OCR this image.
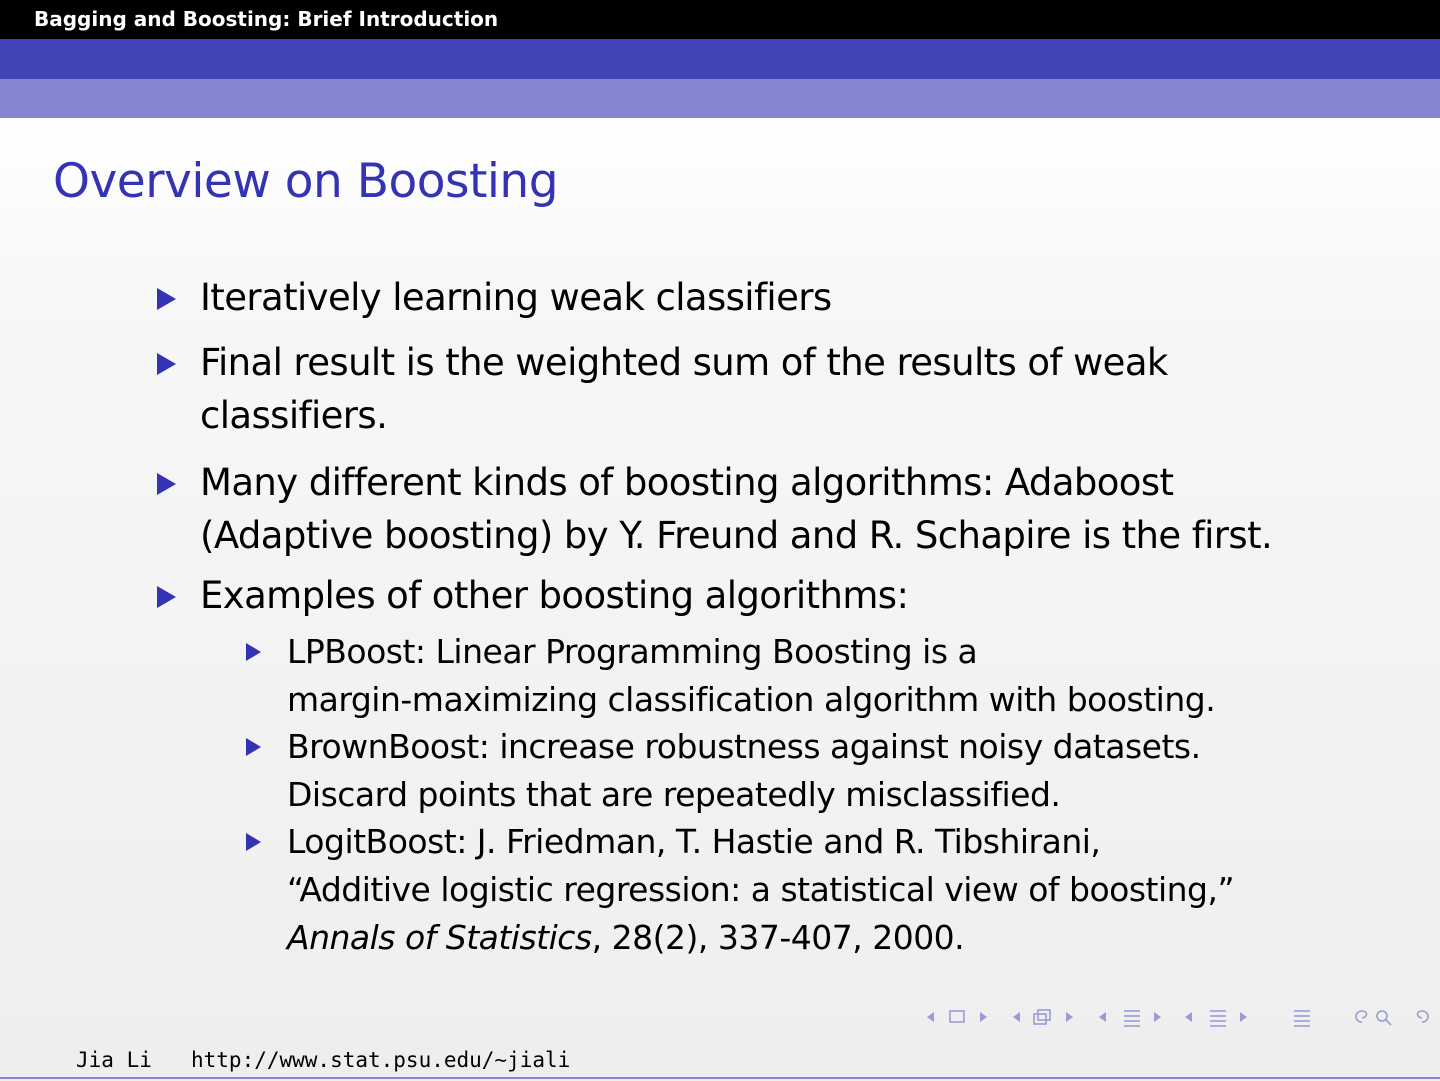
Bagging and Boosting: Brief Introduction
Overview on Boosting
Iteratively learning weak classifiers
Final result is the weighted sum of the results of weak
classifiers.
Many different kinds of boosting algorithms: Adaboost
(Adaptive boosting) by Y. Freund and R. Schapire is the first.
Examples of other boosting algorithms:
LPBoost: Linear Programming Boosting is a
margin-maximizing classification algorithm with boosting.
BrownBoost: increase robustness against noisy datasets.
Discard points that are repeatedly misclassified.
LogitBoost: J. Friedman, T. Hastie and R. Tibshirani,
“Additive logistic regression: a statistical view of boosting,”
Annals of Statistics, 28(2), 337-407, 2000.
Jia Li http://www.stat.psu.edu/∼jiali
